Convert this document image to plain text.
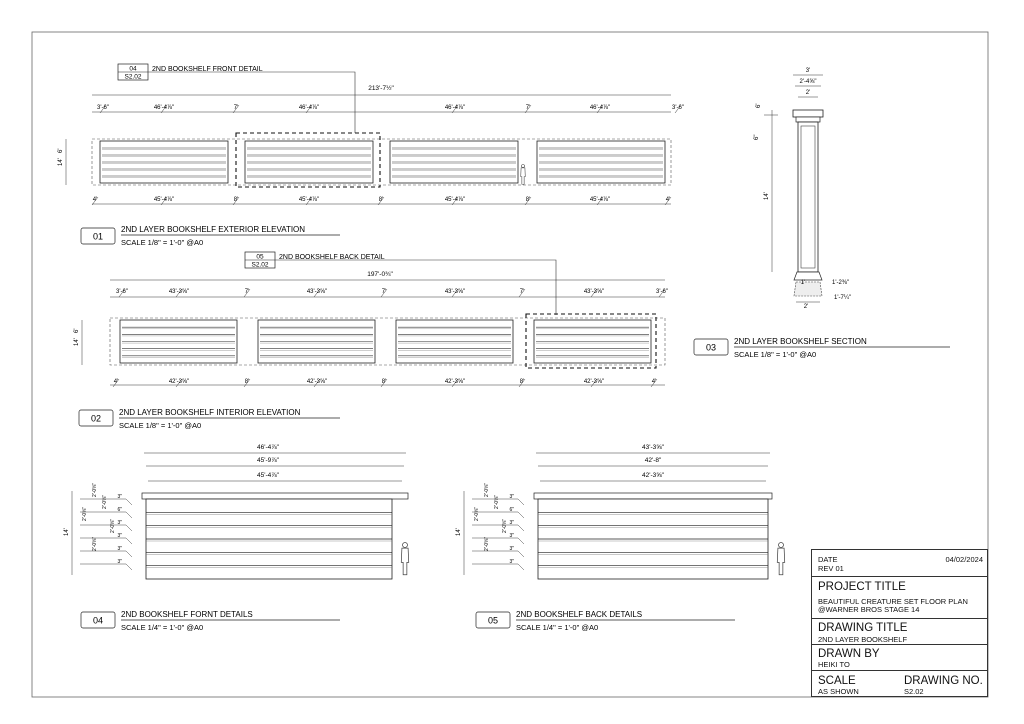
04
S2.02
2ND BOOKSHELF FRONT DETAIL
213'-7½"
3'-6"	46'-4⅞"	7'	46'-4⅞"	46'-4⅞"	7'	46'-4⅞"	3'-6"
6'
14'
4'	45'-4⅞"	8'	45'-4⅞"	8'	45'-4⅞"	8'	45'-4⅞"	4'
01
2ND LAYER BOOKSHELF EXTERIOR ELEVATION
SCALE 1/8" = 1'-0" @A0
05
S2.02
2ND BOOKSHELF BACK DETAIL
197'-0¾"
3'-6"	43'-3⅝"	7'	43'-3⅝"	7'	43'-3⅝"	7'	43'-3⅝"	3'-6"
6'
14'
4'	42'-3⅝"	8'	42'-3⅝"	8'	42'-3⅝"	8'	42'-3⅝"	4'
02
2ND LAYER BOOKSHELF INTERIOR ELEVATION
SCALE 1/8" = 1'-0" @A0
3'
2'-4⅝"
2'
6'
6"
14'
1'	1'-2⅜"
1'-7¼"
2'
03
2ND LAYER BOOKSHELF SECTION
SCALE 1/8" = 1'-0" @A0
46'-4⅞"
45'-9⅞"
45'-4⅞"
14'
2'-0⅝"
2'-0⅝"
2'-0⅝"
2'-0⅝"
2'-0⅝"
3"
6"
3"
3"
3"
3"
04
2ND BOOKSHELF FORNT DETAILS
SCALE 1/4" = 1'-0" @A0
43'-3⅝"
42'-8"
42'-3⅝"
14'
2'-0⅝"
2'-0⅝"
2'-0⅝"
2'-0⅝"
2'-0⅝"
3"
6"
3"
3"
3"
3"
05
2ND BOOKSHELF BACK DETAILS
SCALE 1/4" = 1'-0" @A0
DATE	04/02/2024
REV 01
PROJECT TITLE
BEAUTIFUL CREATURE SET FLOOR PLAN
@WARNER BROS STAGE 14
DRAWING TITLE
2ND LAYER BOOKSHELF
DRAWN BY
HEIKI TO
SCALE
AS SHOWN
DRAWING NO.
S2.02
